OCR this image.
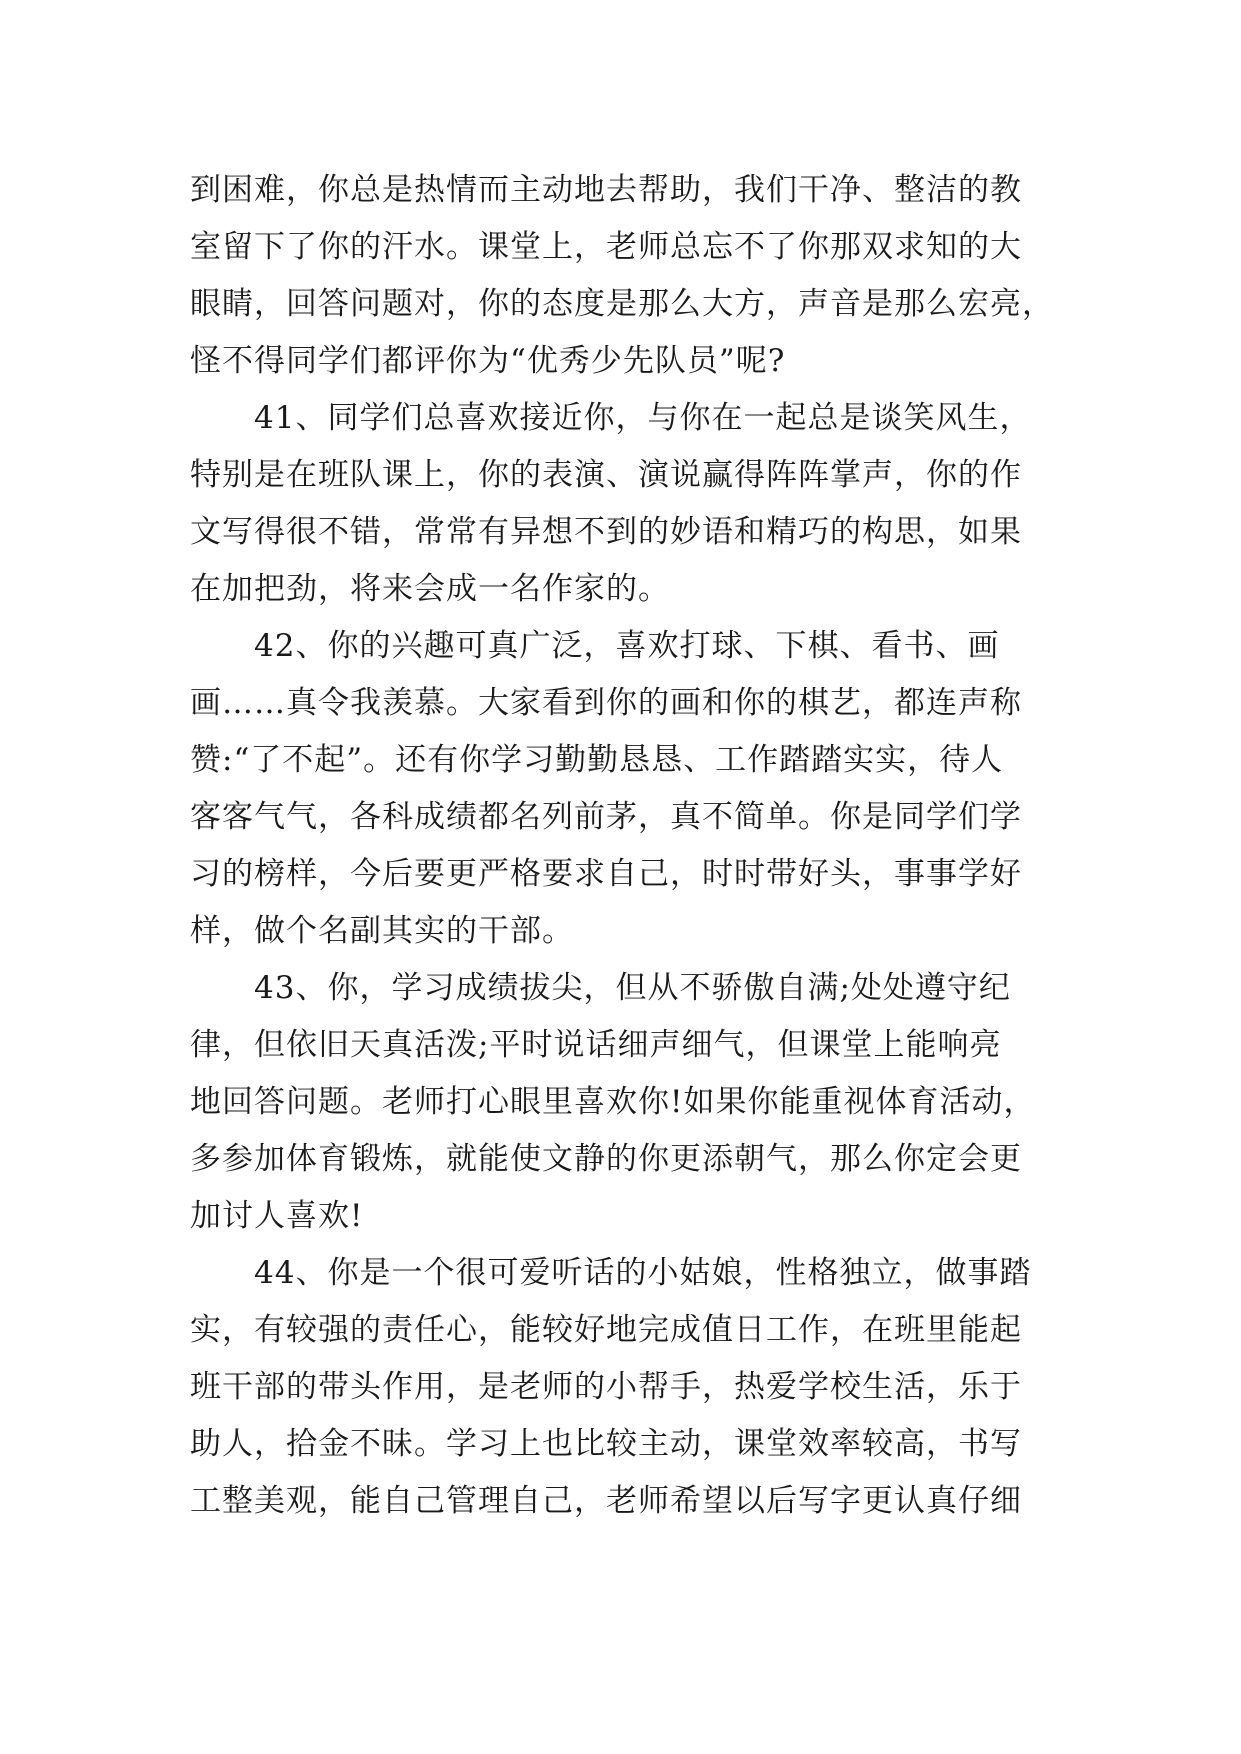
到困难，你总是热情而主动地去帮助，我们干净、整洁的教
室留下了你的汗水。课堂上，老师总忘不了你那双求知的大
眼睛，回答问题对，你的态度是那么大方，声音是那么宏亮，
怪不得同学们都评你为“优秀少先队员”呢?
41、同学们总喜欢接近你，与你在一起总是谈笑风生，
特别是在班队课上，你的表演、演说赢得阵阵掌声，你的作
文写得很不错，常常有异想不到的妙语和精巧的构思，如果
在加把劲，将来会成一名作家的。
42、你的兴趣可真广泛，喜欢打球、下棋、看书、画
画……真令我羡慕。大家看到你的画和你的棋艺，都连声称
赞:“了不起”。还有你学习勤勤恳恳、工作踏踏实实，待人
客客气气，各科成绩都名列前茅，真不简单。你是同学们学
习的榜样，今后要更严格要求自己，时时带好头，事事学好
样，做个名副其实的干部。
43、你，学习成绩拔尖，但从不骄傲自满;处处遵守纪
律，但依旧天真活泼;平时说话细声细气，但课堂上能响亮
地回答问题。老师打心眼里喜欢你!如果你能重视体育活动，
多参加体育锻炼，就能使文静的你更添朝气，那么你定会更
加讨人喜欢!
44、你是一个很可爱听话的小姑娘，性格独立，做事踏
实，有较强的责任心，能较好地完成值日工作，在班里能起
班干部的带头作用，是老师的小帮手，热爱学校生活，乐于
助人，拾金不昧。学习上也比较主动，课堂效率较高，书写
工整美观，能自己管理自己，老师希望以后写字更认真仔细
